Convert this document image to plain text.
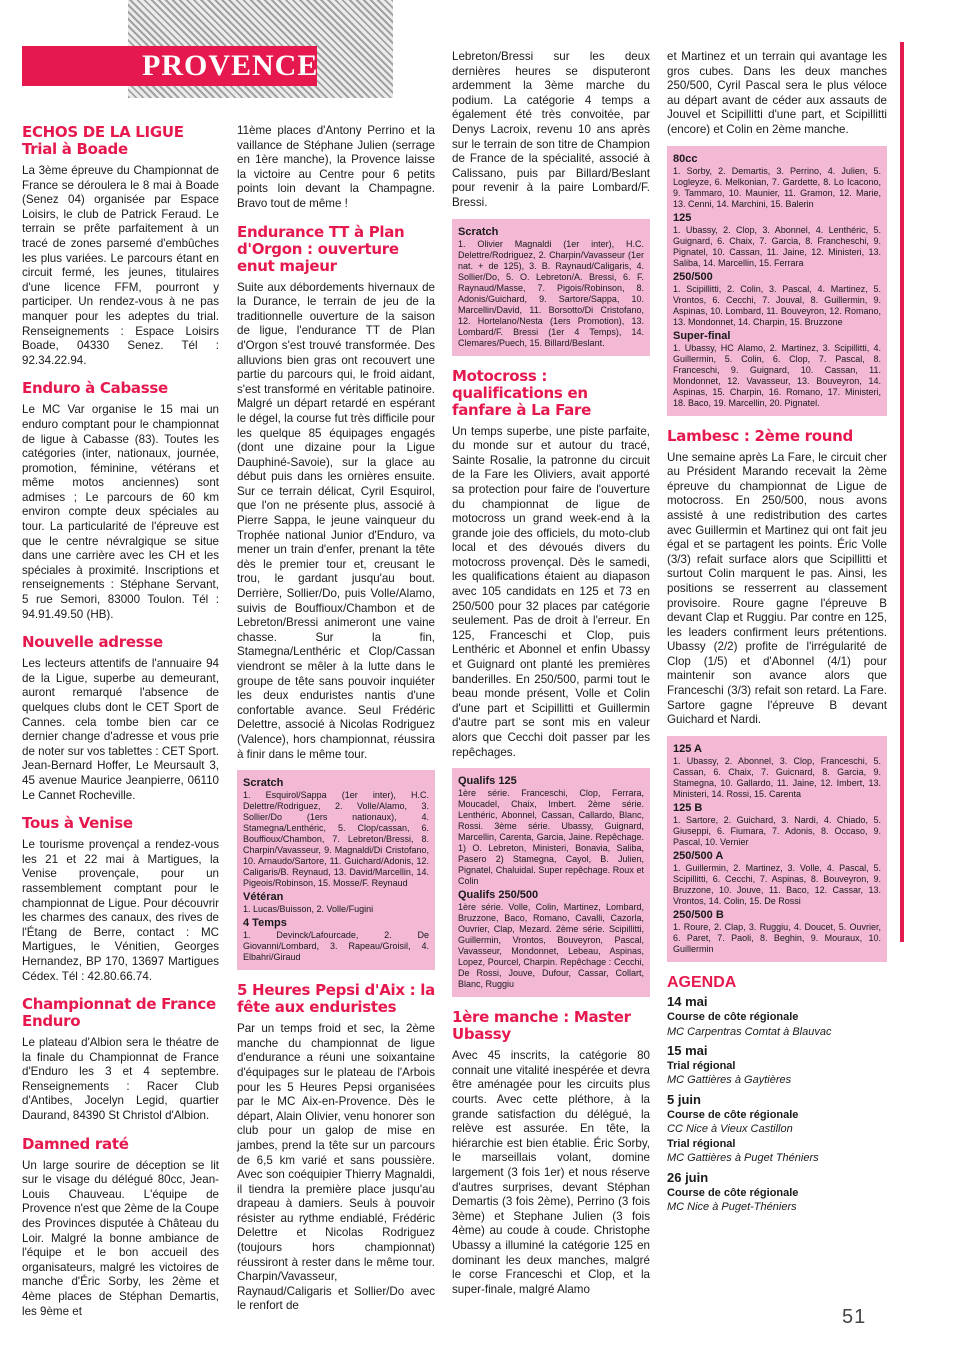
PROVENCE
ECHOS DE LA LIGUE Trial à Boade

La 3ème épreuve du Championnat de France se déroulera le 8 mai à Boade (Senez 04) organisée par Espace Loisirs, le club de Patrick Feraud. Le terrain se prête parfaitement à un tracé de zones parsemé d'embûches les plus variées. Le parcours étant en circuit fermé, les jeunes, titulaires d'une licence FFM, pourront y participer. Un rendez-vous à ne pas manquer pour les adeptes du trial. Renseignements : Espace Loisirs Boade, 04330 Senez. Tél : 92.34.22.94.

Enduro à Cabasse

Le MC Var organise le 15 mai un enduro comptant pour le championnat de ligue à Cabasse (83). Toutes les catégories (inter, nationaux, journée, promotion, féminine, vétérans et même motos anciennes) sont admises ; Le parcours de 60 km environ compte deux spéciales au tour. La particularité de l'épreuve est que le centre névralgique se situe dans une carrière avec les CH et les spéciales à proximité. Inscriptions et renseignements : Stéphane Servant, 5 rue Semori, 83000 Toulon. Tél : 94.91.49.50 (HB).

Nouvelle adresse

Les lecteurs attentifs de l'annuaire 94 de la Ligue, superbe au demeurant, auront remarqué l'absence de quelques clubs dont le CET Sport de Cannes. cela tombe bien car ce dernier change d'adresse et vous prie de noter sur vos tablettes : CET Sport. Jean-Bernard Hoffer, Le Meursault 3, 45 avenue Maurice Jeanpierre, 06110 Le Cannet Rocheville.

Tous à Venise

Le tourisme provençal a rendez-vous les 21 et 22 mai à Martigues, la Venise provençale, pour un rassemblement comptant pour le championnat de Ligue. Pour découvrir les charmes des canaux, des rives de l'Étang de Berre, contact : MC Martigues, le Vénitien, Georges Hernandez, BP 170, 13697 Martigues Cédex. Tél : 42.80.66.74.

Championnat de France Enduro

Le plateau d'Albion sera le théatre de la finale du Championnat de France d'Enduro les 3 et 4 septembre. Renseignements : Racer Club d'Antibes, Jocelyn Legid, quartier Daurand, 84390 St Christol d'Albion.

Damned raté

Un large sourire de déception se lit sur le visage du délégué 80cc, Jean-Louis Chauveau. L'équipe de Provence n'est que 2ème de la Coupe des Provinces disputée à Château du Loir. Malgré la bonne ambiance de l'équipe et le bon accueil des organisateurs, malgré les victoires de manche d'Éric Sorby, les 2ème et 4ème places de Stéphan Demartis, les 9ème et

11ème places d'Antony Perrino et la vaillance de Stéphane Julien (serrage en 1ère manche), la Provence laisse la victoire au Centre pour 6 petits points loin devant la Champagne. Bravo tout de même !

Endurance TT à Plan d'Orgon : ouverture enut majeur

Suite aux débordements hivernaux de la Durance, le terrain de jeu de la traditionnelle ouverture de la saison de ligue, l'endurance TT de Plan d'Orgon s'est trouvé transformée. Des alluvions bien gras ont recouvert une partie du parcours qui, le froid aidant, s'est transformé en véritable patinoire. Malgré un départ retardé en espérant le dégel, la course fut très difficile pour les quelque 85 équipages engagés (dont une dizaine pour la Ligue Dauphiné-Savoie), sur la glace au début puis dans les ornières ensuite. Sur ce terrain délicat, Cyril Esquirol, que l'on ne présente plus, associé à Pierre Sappa, le jeune vainqueur du Trophée national Junior d'Enduro, va mener un train d'enfer, prenant la tête dès le premier tour et, creusant le trou, le gardant jusqu'au bout. Derrière, Sollier/Do, puis Volle/Alamo, suivis de Bouffioux/Chambon et de Lebreton/Bressi animeront une vaine chasse. Sur la fin, Stamegna/Lenthéric et Clop/Cassan viendront se mêler à la lutte dans le groupe de tête sans pouvoir inquiéter les deux enduristes nantis d'une confortable avance. Seul Frédéric Delettre, associé à Nicolas Rodriguez (Valence), hors championnat, réussira à finir dans le même tour.

Scratch

1. Esquirol/Sappa (1er inter), H.C. Delettre/Rodriguez, 2. Volle/Alamo, 3. Sollier/Do (1ers nationaux), 4. Stamegna/Lenthéric, 5. Clop/cassan, 6. Bouffioux/Chambon, 7. Lebreton/Bressi, 8. Charpin/Vavasseur, 9. Magnaldi/Di Cristofano, 10. Arnaudo/Sartore, 11. Guichard/Adonis, 12. Caligaris/B. Reynaud, 13. David/Marcellin, 14. Pigeois/Robinson, 15. Mosse/F. Reynaud

Vétéran

1. Lucas/Buisson, 2. Volle/Fugini

4 Temps

1. Devinck/Lafourcade, 2. De Giovanni/Lombard, 3. Rapeau/Groisil, 4. Elbahri/Giraud

5 Heures Pepsi d'Aix : la fête aux enduristes

Par un temps froid et sec, la 2ème manche du championnat de ligue d'endurance a réuni une soixantaine d'équipages sur le plateau de l'Arbois pour les 5 Heures Pepsi organisées par le MC Aix-en-Provence. Dès le départ, Alain Olivier, venu honorer son club pour un galop de mise en jambes, prend la tête sur un parcours de 6,5 km varié et sans poussière. Avec son coéquipier Thierry Magnaldi, il tiendra la première place jusqu'au drapeau à damiers. Seuls à pouvoir résister au rythme endiablé, Frédéric Delettre et Nicolas Rodriguez (toujours hors championnat) réussiront à rester dans le même tour. Charpin/Vavasseur, Raynaud/Caligaris et Sollier/Do avec le renfort de

Lebreton/Bressi sur les deux dernières heures se disputeront ardemment la 3ème marche du podium. La catégorie 4 temps a également été très convoitée, par Denys Lacroix, revenu 10 ans après sur le terrain de son titre de Champion de France de la spécialité, associé à Calissano, puis par Billard/Beslant pour revenir à la paire Lombard/F. Bressi.

Scratch

1. Olivier Magnaldi (1er inter), H.C. Delettre/Rodriguez, 2. Charpin/Vavasseur (1er nat. + de 125), 3. B. Raynaud/Caligaris, 4. Sollier/Do, 5. O. Lebreton/A. Bressi, 6. F. Raynaud/Masse, 7. Pigois/Robinson, 8. Adonis/Guichard, 9. Sartore/Sappa, 10. Marcellin/David, 11. Borsotto/Di Cristofano, 12. Hortelano/Nesta (1ers Promotion), 13. Lombard/F. Bressi (1er 4 Temps), 14. Clemares/Puech, 15. Billard/Beslant.

Motocross : qualifications en fanfare à La Fare

Un temps superbe, une piste parfaite, du monde sur et autour du tracé, Sainte Rosalie, la patronne du circuit de la Fare les Oliviers, avait apporté sa protection pour faire de l'ouverture du championnat de ligue de motocross un grand week-end à la grande joie des officiels, du moto-club local et des dévoués divers du motocross provençal. Dès le samedi, les qualifications étaient au diapason avec 105 candidats en 125 et 73 en 250/500 pour 32 places par catégorie seulement. Pas de droit à l'erreur. En 125, Franceschi et Clop, puis Lenthéric et Abonnel et enfin Ubassy et Guignard ont planté les premières banderilles. En 250/500, parmi tout le beau monde présent, Volle et Colin d'une part et Scipillitti et Guillermin d'autre part se sont mis en valeur alors que Cecchi doit passer par les repêchages.

Qualifs 125

1ère série. Franceschi, Clop, Ferrara, Moucadel, Chaix, Imbert. 2ème série. Lenthéric, Abonnel, Cassan, Callardo, Blanc, Rossi. 3ème série. Ubassy, Guignard, Marcellin, Carenta, Garcia, Jaine. Repêchage. 1) O. Lebreton, Ministeri, Bonavia, Saliba, Pasero 2) Stamegna, Cayol, B. Julien, Pignatel, Chaluidal. Super repêchage. Roux et Colin

Qualifs 250/500

1ère série. Volle, Colin, Martinez, Lombard, Bruzzone, Baco, Romano, Cavalli, Cazorla, Ouvrier, Clap, Mezard. 2ème série. Scipillitti, Guillermin, Vrontos, Bouveyron, Pascal, Vavasseur, Mondonnet, Lebeau, Aspinas, Lopez, Pourcel, Charpin. Repêchage : Cecchi, De Rossi, Jouve, Dufour, Cassar, Collart, Blanc, Ruggiu

1ère manche : Master Ubassy

Avec 45 inscrits, la catégorie 80 connait une vitalité inespérée et devra être aménagée pour les circuits plus courts. Avec cette pléthore, à la grande satisfaction du délégué, la relève est assurée. En tête, la hiérarchie est bien établie. Éric Sorby, le marseillais volant, domine largement (3 fois 1er) et nous réserve d'autres surprises, devant Stéphan Demartis (3 fois 2ème), Perrino (3 fois 3ème) et Stephane Julien (3 fois 4ème) au coude à coude. Christophe Ubassy a illuminé la catégorie 125 en dominant les deux manches, malgré le corse Franceschi et Clop, et la super-finale, malgré Alamo

et Martinez et un terrain qui avantage les gros cubes. Dans les deux manches 250/500, Cyril Pascal sera le plus véloce au départ avant de céder aux assauts de Jouvel et Scipillitti d'une part, et Scipillitti (encore) et Colin en 2ème manche.

80cc

1. Sorby, 2. Demartis, 3. Perrino, 4. Julien, 5. Logleyze, 6. Melkonian, 7. Gardette, 8. Lo Icacono, 9. Tammaro, 10. Maunier, 11. Gramon, 12. Marie, 13. Cenni, 14. Marchini, 15. Balerin

125

1. Ubassy, 2. Clop, 3. Abonnel, 4. Lenthéric, 5. Guignard, 6. Chaix, 7. Garcia, 8. Francheschi, 9. Pignatel, 10. Cassan, 11. Jaine, 12. Ministeri, 13. Saliba, 14. Marcellin, 15. Ferrara

250/500

1. Scipillitti, 2. Colin, 3. Pascal, 4. Martinez, 5. Vrontos, 6. Cecchi, 7. Jouval, 8. Guillermin, 9. Aspinas, 10. Lombard, 11. Bouveyron, 12. Romano, 13. Mondonnet, 14. Charpin, 15. Bruzzone

Super-final

1. Ubassy, HC Alamo, 2. Martinez, 3. Scipillitti, 4. Guillermin, 5. Colin, 6. Clop, 7. Pascal, 8. Franceschi, 9. Guignard, 10. Cassan, 11. Mondonnet, 12. Vavasseur, 13. Bouveyron, 14. Aspinas, 15. Charpin, 16. Romano, 17. Ministeri, 18. Baco, 19. Marcellin, 20. Pignatel.

Lambesc : 2ème round

Une semaine après La Fare, le circuit cher au Président Marando recevait la 2ème épreuve du championnat de Ligue de motocross. En 250/500, nous avons assisté à une redistribution des cartes avec Guillermin et Martinez qui ont fait jeu égal et se partagent les points. Éric Volle (3/3) refait surface alors que Scipillitti et surtout Colin marquent le pas. Ainsi, les positions se resserrent au classement provisoire. Roure gagne l'épreuve B devant Clap et Ruggiu. Par contre en 125, les leaders confirment leurs prétentions. Ubassy (2/2) profite de l'irrégularité de Clop (1/5) et d'Abonnel (4/1) pour maintenir son avance alors que Franceschi (3/3) refait son retard. La Fare. Sartore gagne l'épreuve B devant Guichard et Nardi.

125 A

1. Ubassy, 2. Abonnel, 3. Clop, Franceschi, 5. Cassan, 6. Chaix, 7. Guicnard, 8. Garcia, 9. Stamegna, 10. Gallardo, 11. Jaine, 12. Imbert, 13. Ministeri, 14. Rossi, 15. Carenta

125 B

1. Sartore, 2. Guichard, 3. Nardi, 4. Chiado, 5. Giuseppi, 6. Fiumara, 7. Adonis, 8. Occaso, 9. Pascal, 10. Vernier

250/500 A

1. Guillermin, 2. Martinez, 3. Volle, 4. Pascal, 5. Scipillitti, 6. Cecchi, 7. Aspinas, 8. Bouveyron, 9. Bruzzone, 10. Jouve, 11. Baco, 12. Cassar, 13. Vrontos, 14. Colin, 15. De Rossi

250/500 B

1. Roure, 2. Clap, 3. Ruggiu, 4. Doucet, 5. Ouvrier, 6. Paret, 7. Paoli, 8. Beghin, 9. Mouraux, 10. Guillermin

AGENDA
14 mai
Course de côte régionale
MC Carpentras Comtat à Blauvac
15 mai
Trial régional
MC Gattières à Gaytières
5 juin
Course de côte régionale
CC Nice à Vieux Castillon
Trial régional
MC Gattières à Puget Théniers
26 juin
Course de côte régionale
MC Nice à Puget-Théniers
51
